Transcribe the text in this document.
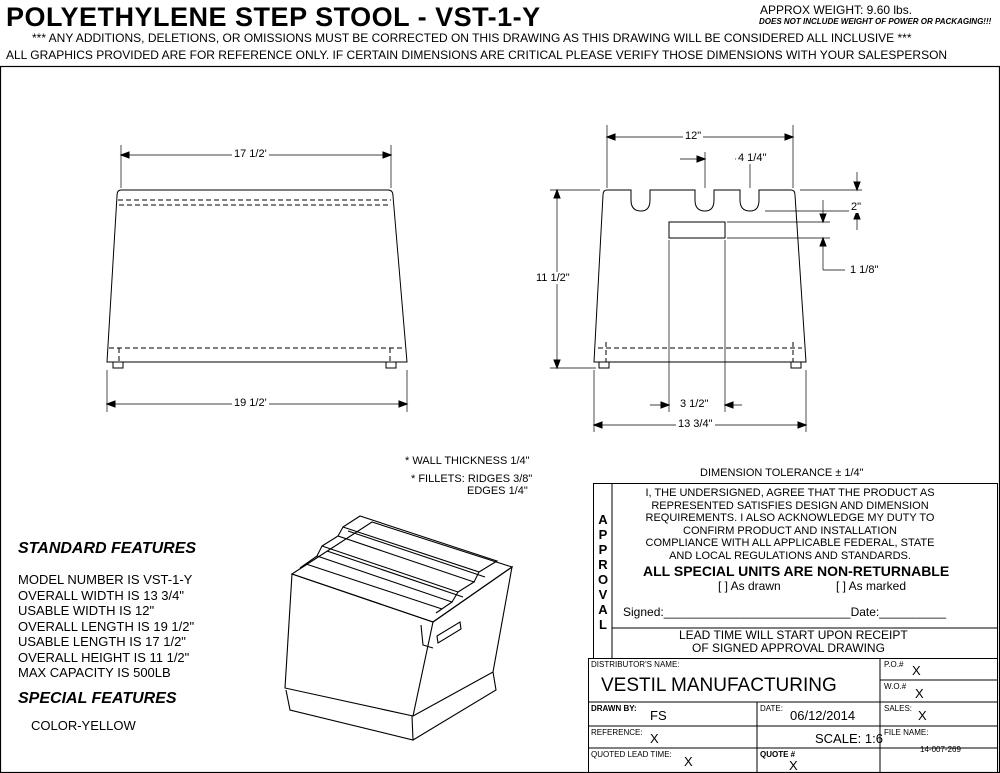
POLYETHYLENE STEP STOOL - VST-1-Y	APPROX WEIGHT: 9.60 lbs.
DOES NOT INCLUDE WEIGHT OF POWER OR PACKAGING!!!
*** ANY ADDITIONS, DELETIONS, OR OMISSIONS MUST BE CORRECTED ON THIS DRAWING AS THIS DRAWING WILL BE CONSIDERED ALL INCLUSIVE ***
ALL GRAPHICS PROVIDED ARE FOR REFERENCE ONLY. IF CERTAIN DIMENSIONS ARE CRITICAL PLEASE VERIFY THOSE DIMENSIONS WITH YOUR SALESPERSON
17 1/2'
19 1/2'
12"
4 1/4"
2"
1 1/8"
11 1/2"
3 1/2"
13 3/4"
* WALL THICKNESS 1/4"
* FILLETS: RIDGES 3/8"
EDGES 1/4"
STANDARD FEATURES
MODEL NUMBER IS VST-1-Y
OVERALL WIDTH IS 13 3/4"
USABLE WIDTH IS 12"
OVERALL LENGTH IS 19 1/2"
USABLE LENGTH IS 17 1/2"
OVERALL HEIGHT IS 11 1/2"
MAX CAPACITY IS 500LB
SPECIAL FEATURES
COLOR-YELLOW
DIMENSION TOLERANCE ± 1/4"
A
P
P
R
O
V
A
L
I, THE UNDERSIGNED, AGREE THAT THE PRODUCT AS
REPRESENTED SATISFIES DESIGN AND DIMENSION
REQUIREMENTS. I ALSO ACKNOWLEDGE MY DUTY TO
CONFIRM PRODUCT AND INSTALLATION
COMPLIANCE WITH ALL APPLICABLE FEDERAL, STATE
AND LOCAL REGULATIONS AND STANDARDS.
ALL SPECIAL UNITS ARE NON-RETURNABLE
[ ] As drawn	[ ] As marked
Signed:____________________________Date:__________
LEAD TIME WILL START UPON RECEIPT
OF SIGNED APPROVAL DRAWING
DISTRIBUTOR'S NAME:
VESTIL MANUFACTURING
P.O.# X
W.O.# X
DRAWN BY: FS	DATE: 06/12/2014	SALES: X
REFERENCE: X	SCALE: 1:6 FILE NAME:
14-007-269
QUOTED LEAD TIME: X	QUOTE #
X
